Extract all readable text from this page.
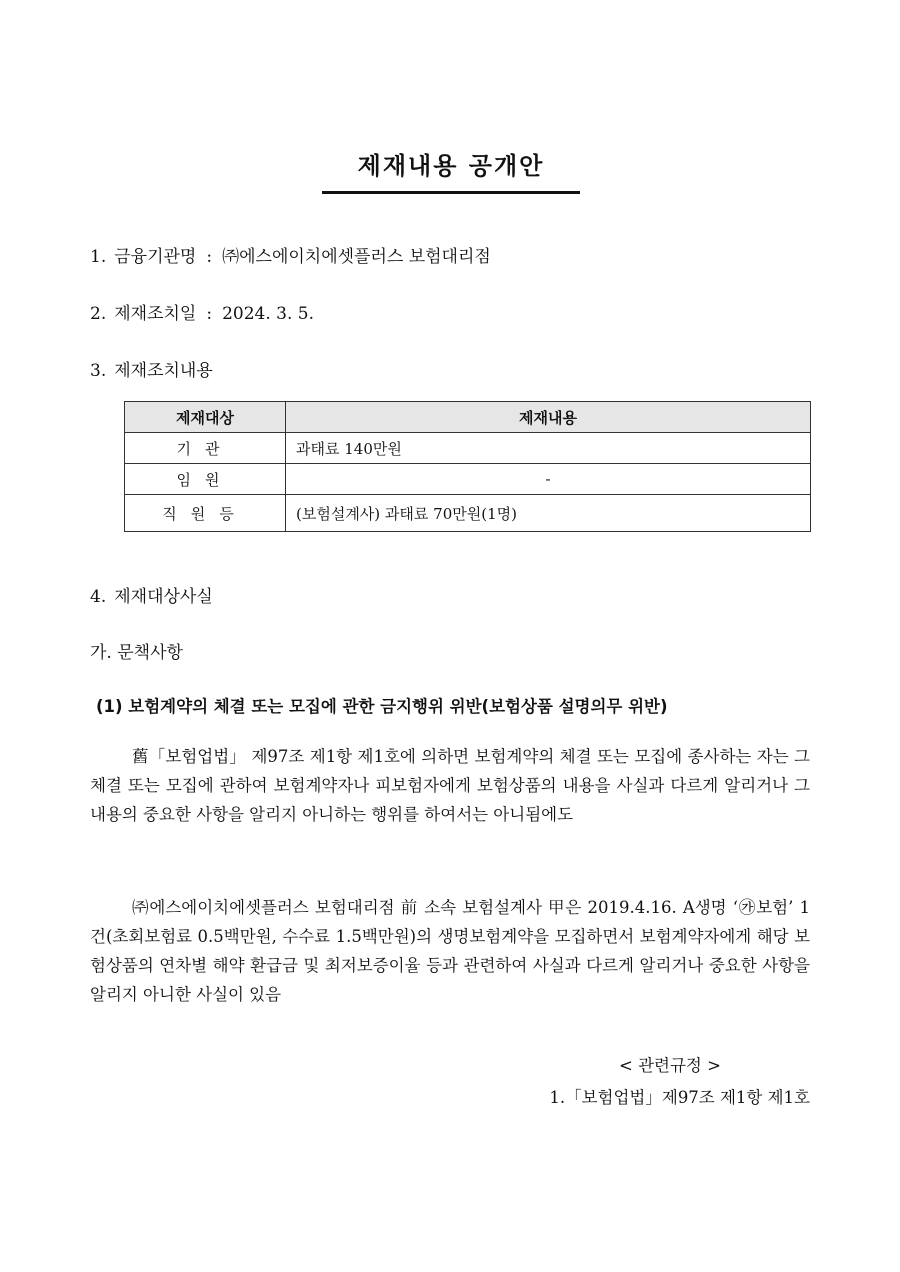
제재내용 공개안
1. 금융기관명 : ㈜에스에이치에셋플러스 보험대리점
2. 제재조치일 : 2024. 3. 5.
3. 제재조치내용
제재대상	제재내용
기관	과태료 140만원
임원	-
직원등	(보험설계사) 과태료 70만원(1명)
4. 제재대상사실
가. 문책사항
(1) 보험계약의 체결 또는 모집에 관한 금지행위 위반(보험상품 설명의무 위반)
舊「보험업법」 제97조 제1항 제1호에 의하면 보험계약의 체결 또는 모집에 종사하는 자는 그 체결 또는 모집에 관하여 보험계약자나 피보험자에게 보험상품의 내용을 사실과 다르게 알리거나 그 내용의 중요한 사항을 알리지 아니하는 행위를 하여서는 아니됨에도
㈜에스에이치에셋플러스 보험대리점 前 소속 보험설계사 甲은 2019.4.16. A생명 ‘㉮보험’ 1건(초회보험료 0.5백만원, 수수료 1.5백만원)의 생명보험계약을 모집하면서 보험계약자에게 해당 보험상품의 연차별 해약 환급금 및 최저보증이율 등과 관련하여 사실과 다르게 알리거나 중요한 사항을 알리지 아니한 사실이 있음
< 관련규정 >
1.「보험업법」제97조 제1항 제1호
